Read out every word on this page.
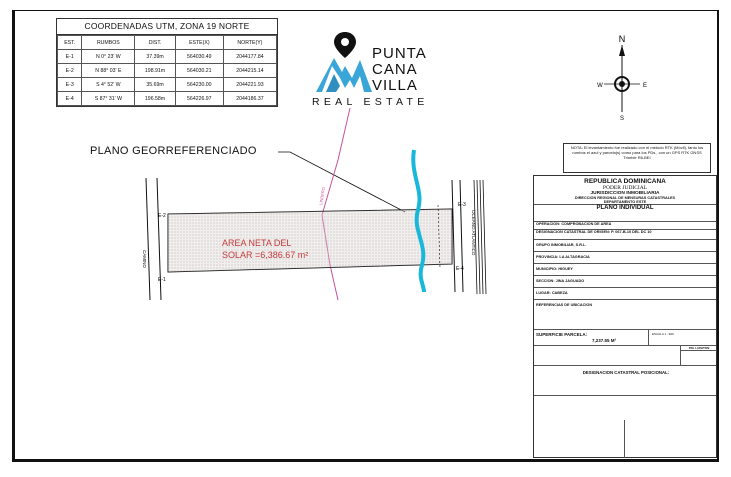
COORDENADAS UTM, ZONA 19 NORTE
EST.	RUMBOS	DIST.	ESTE(X)	NORTE(Y)
E-1	N 0° 23' W	37.39m	564030.49	2044177.84
E-2	N 88° 03' E	198.91m	564030.21	2044215.14
E-3	S 4° 52' W	35.69m	564230.00	2044221.93
E-4	S 87° 31' W	196.58m	564226.97	2044186.37
PUNTA
CANA
VILLA
REAL ESTATE
N
W	E
S
PLANO GEORREFERENCIADO
AREA NETA DEL
SOLAR =6,386.67 m²
E-1
E-2
E-3
E-4
CAMINO
OCEANO ATLANTICO
LINDERO
NOTA: El levantamiento fue realizado con el método RTK (Móvil), tanto los rumbos el azul y parcela(s) como para los PDs., con un GPS RTK GNSS Trimble R6-BEI
REPUBLICA DOMINICANA
PODER JUDICIAL
JURISDICCION INMOBILIARIA
DIRECCION REGIONAL DE MENSURAS CATASTRALES
DEPARTAMENTO ESTE
PLANO INDIVIDUAL
OPERACION: COMPROBACION DE AREA
DESIGNACION CATASTRAL DE ORIGEN: P. 067-B-10 DEL DC 10
GRUPO INMOBILIAR, S.R.L.
PROVINCIA: LA ALTAGRACIA
MUNICIPIO: HIGUEY
SECCION: JINA JAGUADO
LUGAR: CABEZA
REFERENCIAS DE UBICACION
SUPERFICIE PARCELA:
7,237.55 M²
ESCALA 1 : 900
P.M. LUISITON
DESIGNACION CATASTRAL POSICIONAL:
